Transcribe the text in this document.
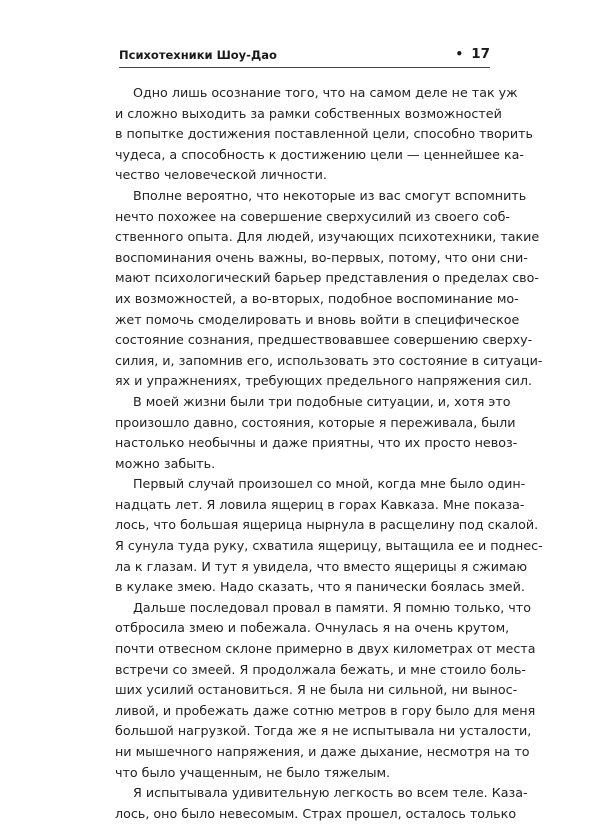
Психотехники Шоу-Дао	• 17

Одно лишь осознание того, что на самом деле не так уж
и сложно выходить за рамки собственных возможностей
в попытке достижения поставленной цели, способно творить
чудеса, а способность к достижению цели — ценнейшее ка-
чество человеческой личности.

Вполне вероятно, что некоторые из вас смогут вспомнить
нечто похожее на совершение сверхусилий из своего соб-
ственного опыта. Для людей, изучающих психотехники, такие
воспоминания очень важны, во-первых, потому, что они сни-
мают психологический барьер представления о пределах сво-
их возможностей, а во-вторых, подобное воспоминание мо-
жет помочь смоделировать и вновь войти в специфическое
состояние сознания, предшествовавшее совершению сверху-
силия, и, запомнив его, использовать это состояние в ситуаци-
ях и упражнениях, требующих предельного напряжения сил.

В моей жизни были три подобные ситуации, и, хотя это
произошло давно, состояния, которые я переживала, были
настолько необычны и даже приятны, что их просто невоз-
можно забыть.

Первый случай произошел со мной, когда мне было один-
надцать лет. Я ловила ящериц в горах Кавказа. Мне показа-
лось, что большая ящерица нырнула в расщелину под скалой.
Я сунула туда руку, схватила ящерицу, вытащила ее и поднес-
ла к глазам. И тут я увидела, что вместо ящерицы я сжимаю
в кулаке змею. Надо сказать, что я панически боялась змей.

Дальше последовал провал в памяти. Я помню только, что
отбросила змею и побежала. Очнулась я на очень крутом,
почти отвесном склоне примерно в двух километрах от места
встречи со змеей. Я продолжала бежать, и мне стоило боль-
ших усилий остановиться. Я не была ни сильной, ни вынос-
ливой, и пробежать даже сотню метров в гору было для меня
большой нагрузкой. Тогда же я не испытывала ни усталости,
ни мышечного напряжения, и даже дыхание, несмотря на то
что было учащенным, не было тяжелым.

Я испытывала удивительную легкость во всем теле. Каза-
лось, оно было невесомым. Страх прошел, осталось только
